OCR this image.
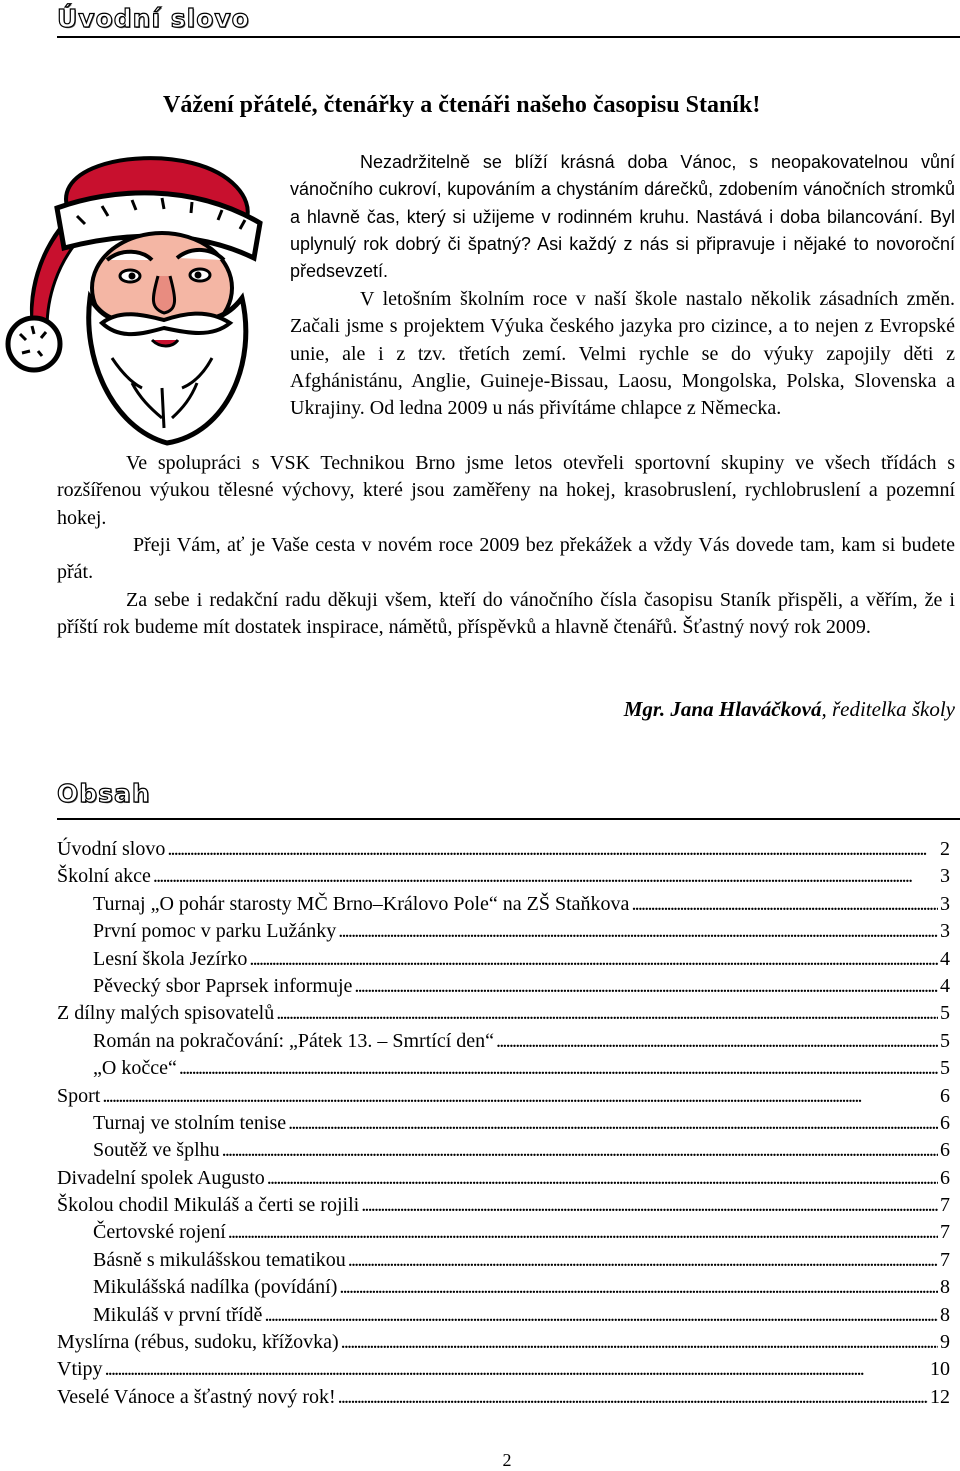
Úvodní slovo

Vážení přátelé, čtenářky a čtenáři našeho časopisu Staník!

Nezadržitelně se blíží krásná doba Vánoc, s neopakovatelnou vůní vánočního cukroví, kupováním a chystáním dárečků, zdobením vánočních stromků a hlavně čas, který si užijeme v rodinném kruhu. Nastává i doba bilancování. Byl uplynulý rok dobrý či špatný? Asi každý z nás si připravuje i nějaké to novoroční předsevzetí.

V letošním školním roce v naší škole nastalo několik zásadních změn. Začali jsme s projektem Výuka českého jazyka pro cizince, a to nejen z Evropské unie, ale i z tzv. třetích zemí. Velmi rychle se do výuky zapojily děti z Afghánistánu, Anglie, Guineje-Bissau, Laosu, Mongolska, Polska, Slovenska a Ukrajiny. Od ledna 2009 u nás přivítáme chlapce z Německa.

Ve spolupráci s VSK Technikou Brno jsme letos otevřeli sportovní skupiny ve všech třídách s rozšířenou výukou tělesné výchovy, které jsou zaměřeny na hokej, krasobruslení, rychlobruslení a pozemní hokej.

Přeji Vám, ať je Vaše cesta v novém roce 2009 bez překážek a vždy Vás dovede tam, kam si budete přát.

Za sebe i redakční radu děkuji všem, kteří do vánočního čísla časopisu Staník přispěli, a věřím, že i příští rok budeme mít dostatek inspirace, námětů, příspěvků a hlavně čtenářů. Šťastný nový rok 2009.

Mgr. Jana Hlaváčková, ředitelka školy

Obsah
Úvodní slovo . . .	2
Školní akce . . .	3
Turnaj „O pohár starosty MČ Brno–Královo Pole“ na ZŠ Staňkova . . .	3
První pomoc v parku Lužánky . . .	3
Lesní škola Jezírko . . .	4
Pěvecký sbor Paprsek informuje . . .	4
Z dílny malých spisovatelů . . .	5
Román na pokračování: „Pátek 13. – Smrtící den“ . . .	5
„O kočce“ . . .	5
Sport . . .	6
Turnaj ve stolním tenise . . .	6
Soutěž ve šplhu . . .	6
Divadelní spolek Augusto . . .	6
Školou chodil Mikuláš a čerti se rojili . . .	7
Čertovské rojení . . .	7
Básně s mikulášskou tematikou . . .	7
Mikulášská nadílka (povídání) . . .	8
Mikuláš v první třídě . . .	8
Myslírna (rébus, sudoku, křížovka) . . .	9
Vtipy . . .	10
Veselé Vánoce a šťastný nový rok! . . .	12

2
